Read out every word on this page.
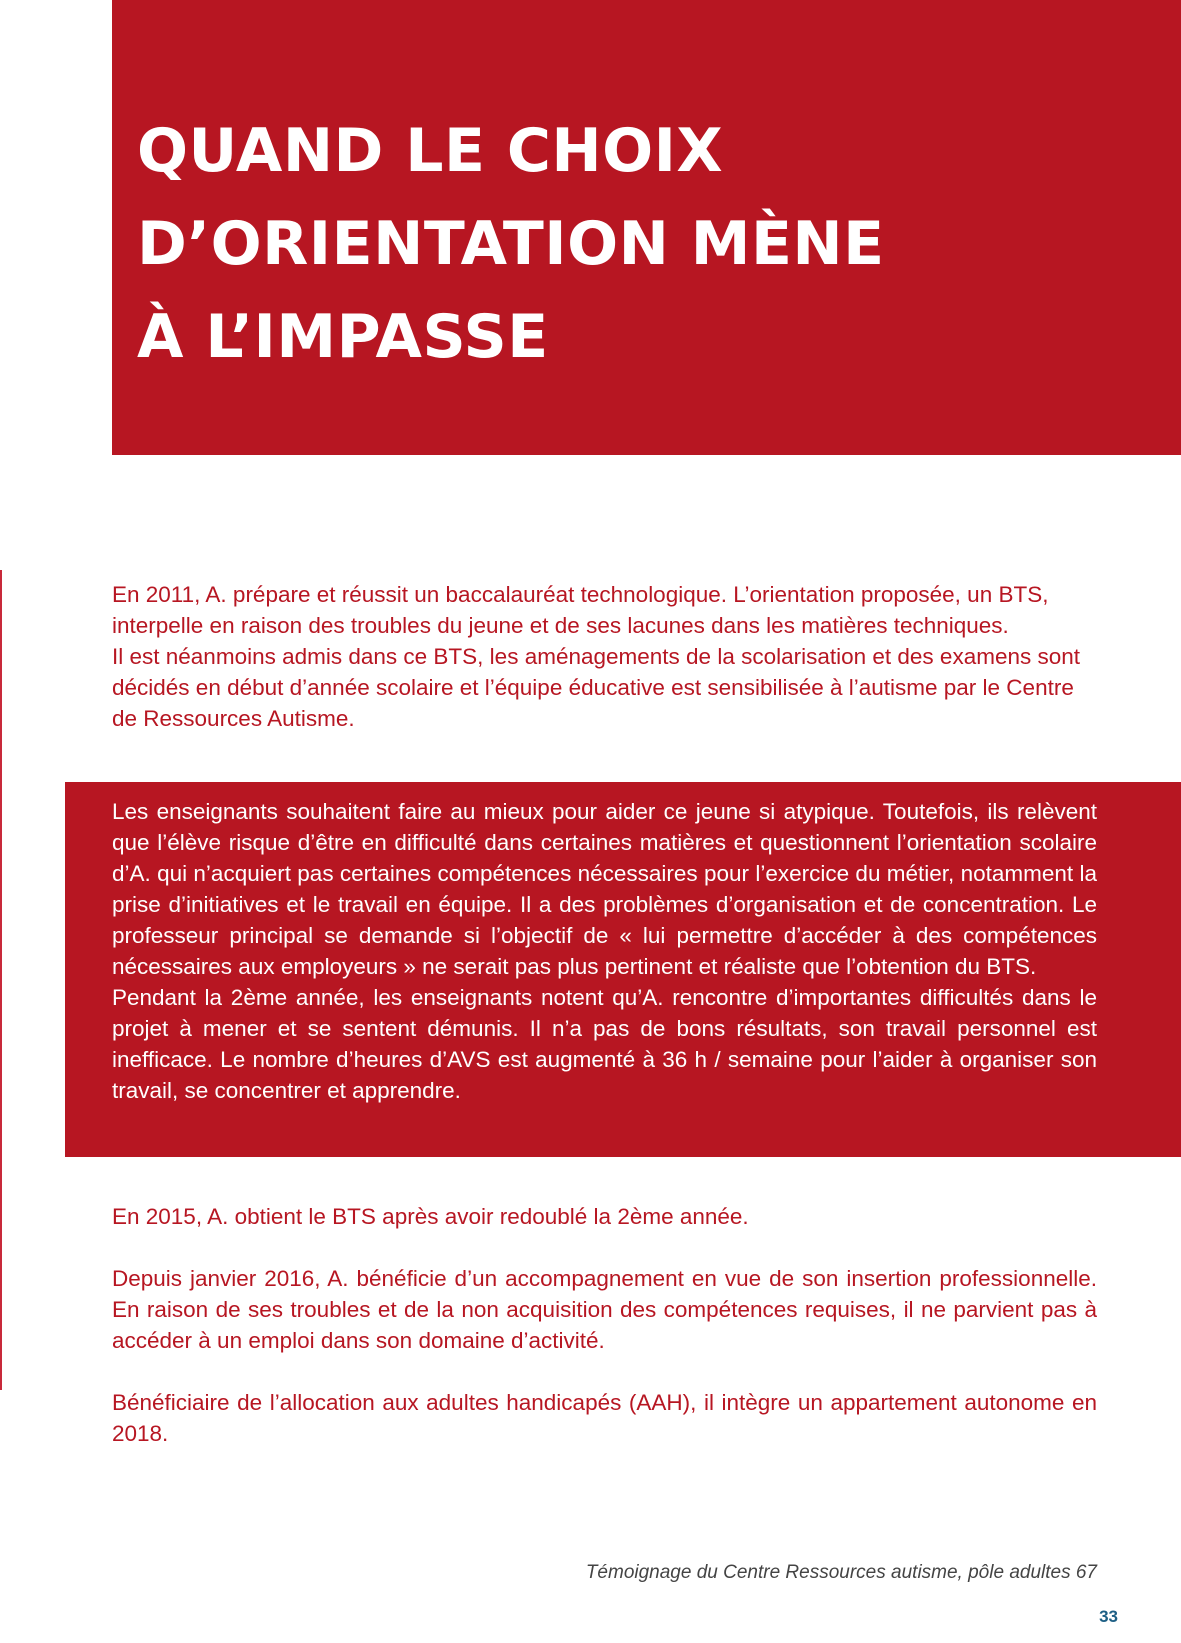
QUAND LE CHOIX
D’ORIENTATION MÈNE
À L’IMPASSE

En 2011, A. prépare et réussit un baccalauréat technologique. L’orientation proposée, un BTS,
interpelle en raison des troubles du jeune et de ses lacunes dans les matières techniques.
Il est néanmoins admis dans ce BTS, les aménagements de la scolarisation et des examens sont
décidés en début d’année scolaire et l’équipe éducative est sensibilisée à l’autisme par le Centre
de Ressources Autisme.

Les enseignants souhaitent faire au mieux pour aider ce jeune si atypique. Toutefois, ils relèvent que l’élève risque d’être en difficulté dans certaines matières et questionnent l’orientation scolaire d’A. qui n’acquiert pas certaines compétences nécessaires pour l’exercice du métier, notamment la prise d’initiatives et le travail en équipe. Il a des problèmes d’organisation et de concentration. Le professeur principal se demande si l’objectif de « lui permettre d’accéder à des compétences nécessaires aux employeurs » ne serait pas plus pertinent et réaliste que l’obtention du BTS.
Pendant la 2ème année, les enseignants notent qu’A. rencontre d’importantes difficultés dans le projet à mener et se sentent démunis. Il n’a pas de bons résultats, son travail personnel est inefficace. Le nombre d’heures d’AVS est augmenté à 36 h / semaine pour l’aider à organiser son travail, se concentrer et apprendre.

En 2015, A. obtient le BTS après avoir redoublé la 2ème année.

Depuis janvier 2016, A. bénéficie d’un accompagnement en vue de son insertion professionnelle. En raison de ses troubles et de la non acquisition des compétences requises, il ne parvient pas à accéder à un emploi dans son domaine d’activité.

Bénéficiaire de l’allocation aux adultes handicapés (AAH), il intègre un appartement autonome en 2018.

Témoignage du Centre Ressources autisme, pôle adultes 67

33
